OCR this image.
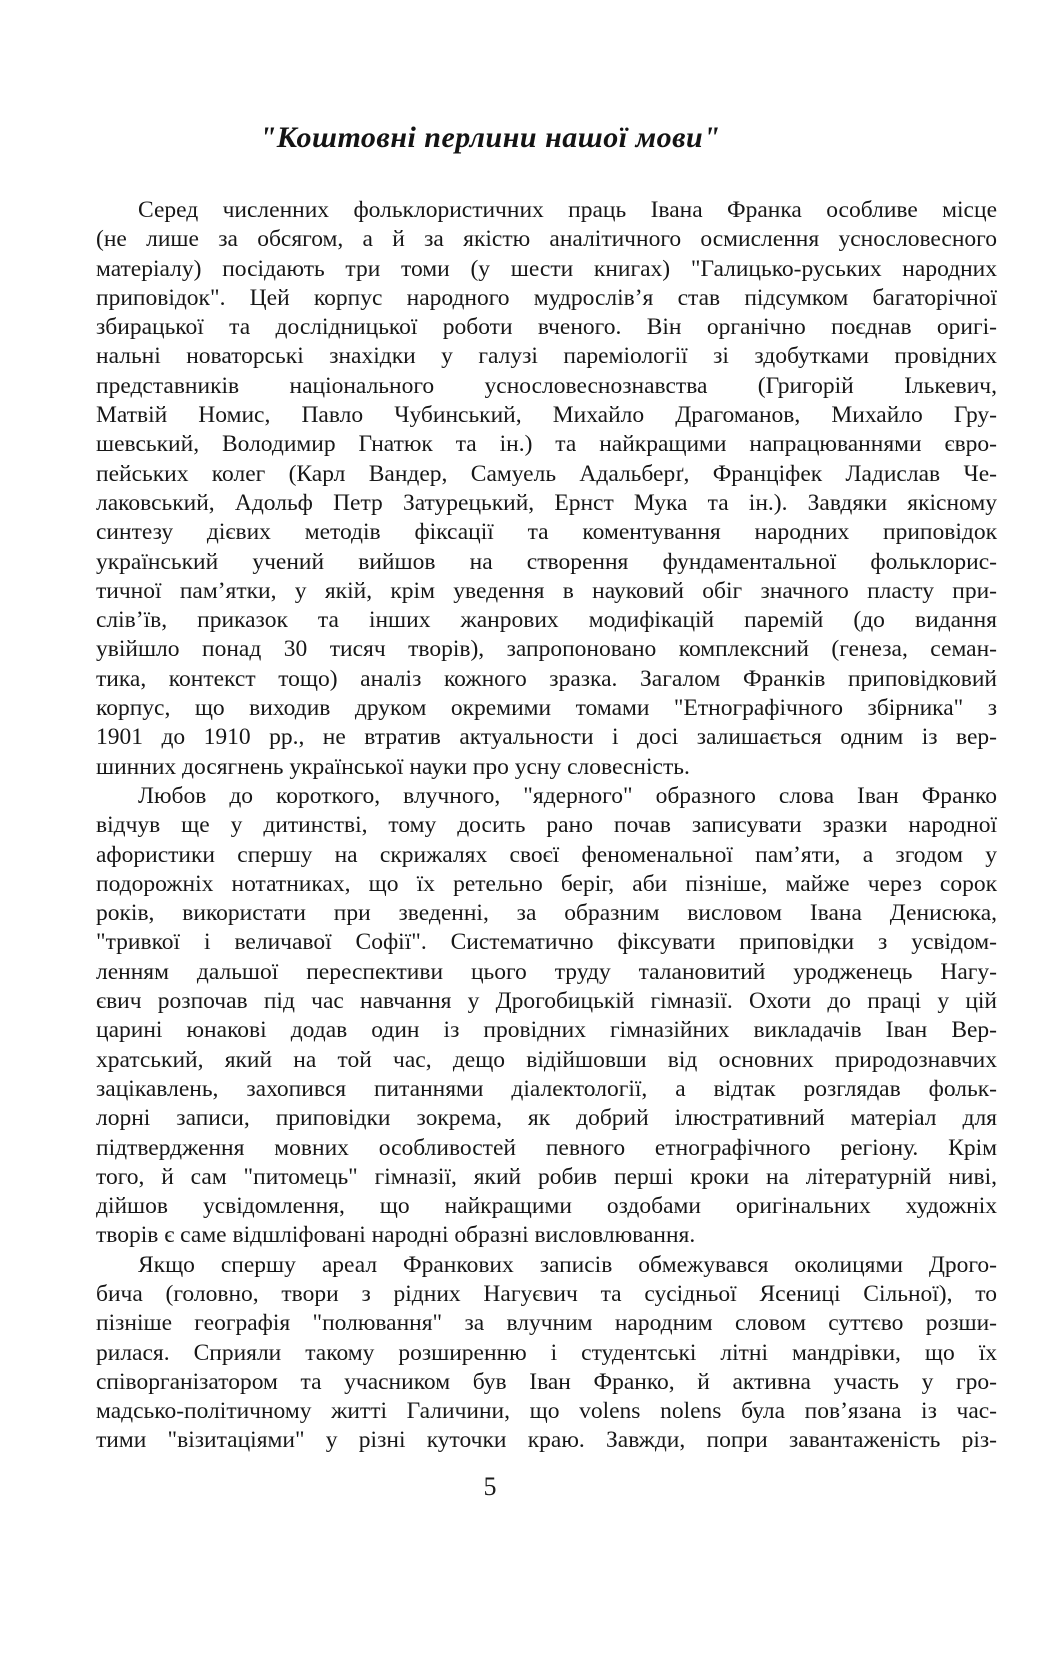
"Коштовні перлини нашої мови"
Серед численних фольклористичних праць Івана Франка особливе місце
(не лише за обсягом, а й за якістю аналітичного осмислення уснословесного
матеріалу) посідають три томи (у шести книгах) "Галицько-руських народних
приповідок". Цей корпус народного мудрослів’я став підсумком багаторічної
збирацької та дослідницької роботи вченого. Він органічно поєднав оригі-
нальні новаторські знахідки у галузі пареміології зі здобутками провідних
представників національного уснословеснознавства (Григорій Ількевич,
Матвій Номис, Павло Чубинський, Михайло Драгоманов, Михайло Гру-
шевський, Володимир Гнатюк та ін.) та найкращими напрацюваннями євро-
пейських колег (Карл Вандер, Самуель Адальберґ, Франціфек Ладислав Че-
лаковський, Адольф Петр Затурецький, Ернст Мука та ін.). Завдяки якісному
синтезу дієвих методів фіксації та коментування народних приповідок
український учений вийшов на створення фундаментальної фольклорис-
тичної пам’ятки, у якій, крім уведення в науковий обіг значного пласту при-
слів’їв, приказок та інших жанрових модифікацій паремій (до видання
увійшло понад 30 тисяч творів), запропоновано комплексний (генеза, семан-
тика, контекст тощо) аналіз кожного зразка. Загалом Франків приповідковий
корпус, що виходив друком окремими томами "Етнографічного збірника" з
1901 до 1910 рр., не втратив актуальности і досі залишається одним із вер-
шинних досягнень української науки про усну словесність.
Любов до короткого, влучного, "ядерного" образного слова Іван Франко
відчув ще у дитинстві, тому досить рано почав записувати зразки народної
афористики спершу на скрижалях своєї феноменальної пам’яти, а згодом у
подорожніх нотатниках, що їх ретельно беріг, аби пізніше, майже через сорок
років, використати при зведенні, за образним висловом Івана Денисюка,
"тривкої і величавої Софії". Систематично фіксувати приповідки з усвідом-
ленням дальшої переспективи цього труду талановитий уродженець Нагу-
євич розпочав під час навчання у Дрогобицькій гімназії. Охоти до праці у цій
царині юнакові додав один із провідних гімназійних викладачів Іван Вер-
хратський, який на той час, дещо відійшовши від основних природознавчих
зацікавлень, захопився питаннями діалектології, а відтак розглядав фольк-
лорні записи, приповідки зокрема, як добрий ілюстративний матеріал для
підтвердження мовних особливостей певного етнографічного регіону. Крім
того, й сам "питомець" гімназії, який робив перші кроки на літературній ниві,
дійшов усвідомлення, що найкращими оздобами оригінальних художніх
творів є саме відшліфовані народні образні висловлювання.
Якщо спершу ареал Франкових записів обмежувався околицями Дрого-
бича (головно, твори з рідних Нагуєвич та сусідньої Ясениці Сільної), то
пізніше географія "полювання" за влучним народним словом суттєво розши-
рилася. Сприяли такому розширенню і студентські літні мандрівки, що їх
співорганізатором та учасником був Іван Франко, й активна участь у гро-
мадсько-політичному житті Галичини, що volens nolens була пов’язана із час-
тими "візитаціями" у різні куточки краю. Завжди, попри завантаженість різ-
5
